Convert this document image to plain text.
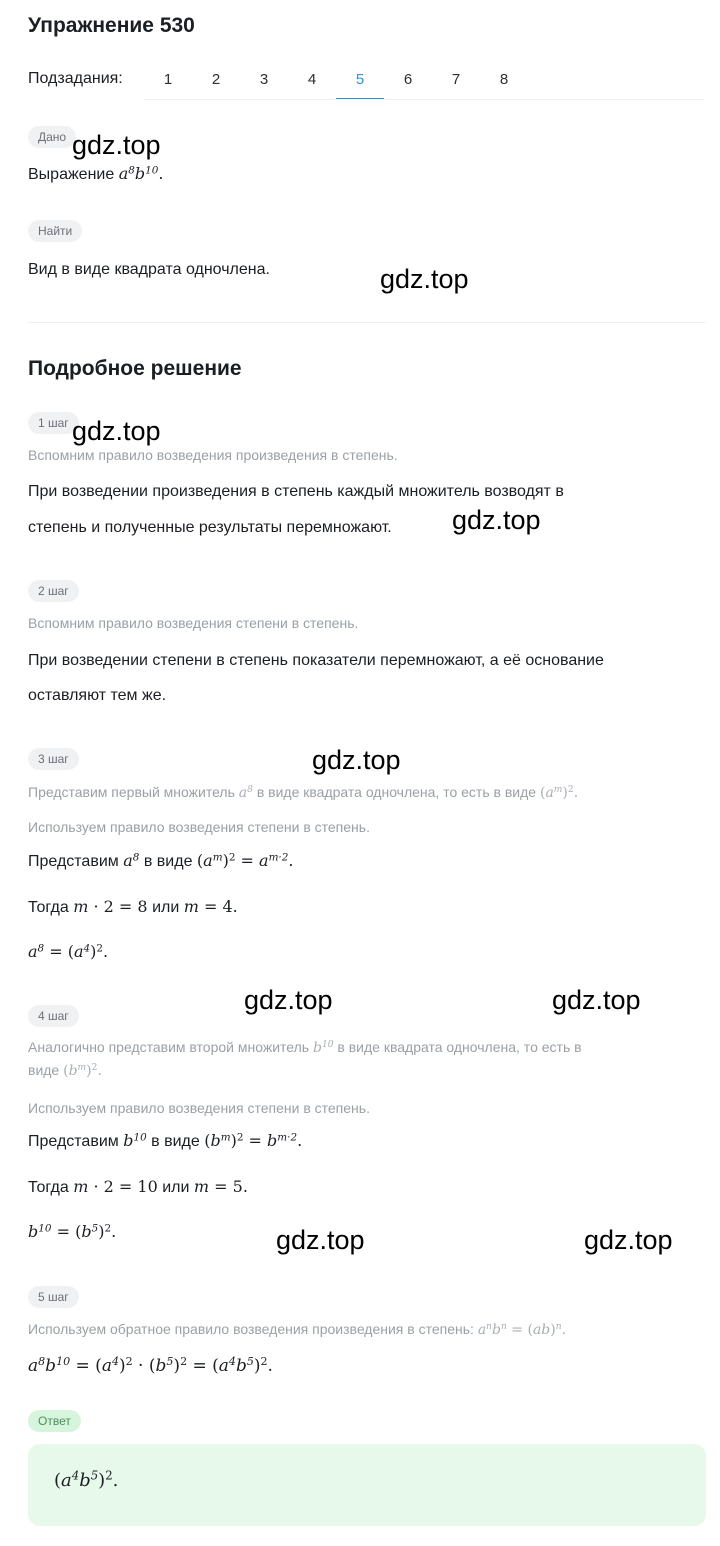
Упражнение 530
Подзадания:	1	2	3	4	5	6	7	8
Дано
Выражение $a^8b^{10}$.
Найти
Вид в виде квадрата одночлена.
Подробное решение
1 шаг
Вспомним правило возведения произведения в степень.
При возведении произведения в степень каждый множитель возводят в
степень и полученные результаты перемножают.
2 шаг
Вспомним правило возведения степени в степень.
При возведении степени в степень показатели перемножают, а её основание
оставляют тем же.
3 шаг
Представим первый множитель $a^8$ в виде квадрата одночлена, то есть в виде $(a^m)^2$.
Используем правило возведения степени в степень.
Представим $a^8$ в виде $(a^m)^2 = a^{m\cdot 2}$.
Тогда m · 2 = 8 или m = 4.
$a^8 = (a^4)^2$.
4 шаг
Аналогично представим второй множитель $b^{10}$ в виде квадрата одночлена, то есть в
виде $(b^m)^2$.
Используем правило возведения степени в степень.
Представим $b^{10}$ в виде $(b^m)^2 = b^{m\cdot 2}$.
Тогда m · 2 = 10 или m = 5.
$b^{10} = (b^5)^2$.
5 шаг
Используем обратное правило возведения произведения в степень: $a^nb^n = (ab)^n$.
$a^8b^{10} = (a^4)^2 \cdot (b^5)^2 = (a^4b^5)^2$.
Ответ
$(a^4b^5)^2$.
gdz.top
gdz.top
gdz.top
gdz.top
gdz.top
gdz.top	gdz.top
gdz.top	gdz.top
